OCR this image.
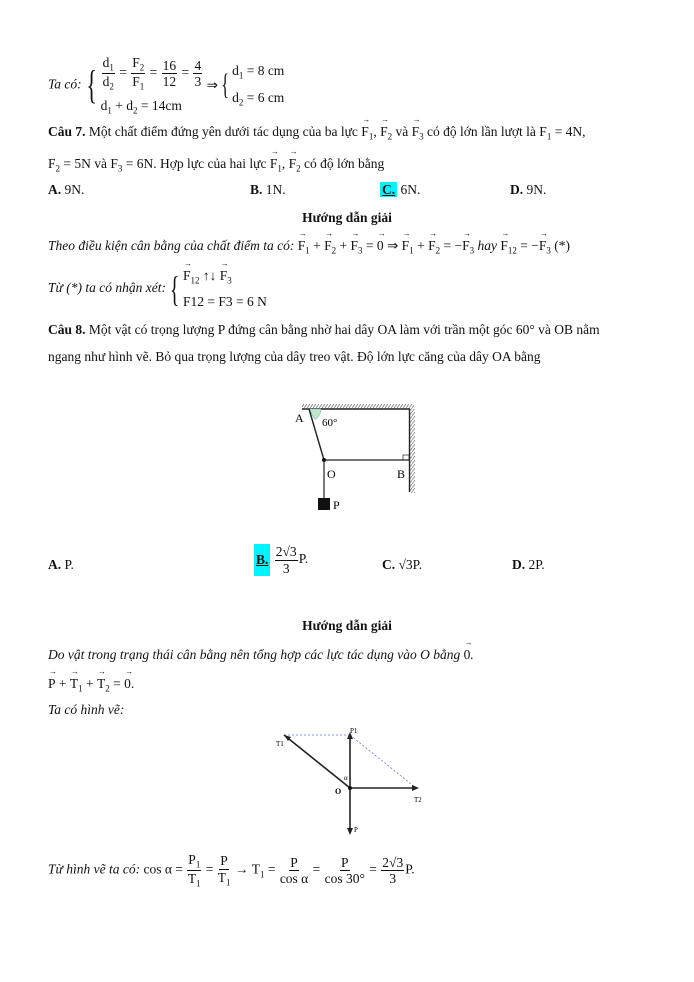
Ta có: { $\frac{d_1}{d_2} = \frac{F_2}{F_1} = \frac{16}{12} = \frac{4}{3}$
$d_1 + d_2 = 14cm$
⇒ { $d_1 = 8$ cm
$d_2 = 6$ cm
Câu 7. Một chất điểm đứng yên dưới tác dụng của ba lực → $F_1$, → $F_2$ và → $F_3$ có độ lớn lần lượt là $F_1 = 4N$,
$F_2 = 5N$ và $F_3 = 6N$. Hợp lực của hai lực → $F_1$, → $F_2$ có độ lớn bằng
A. 9N.	B. 1N.	C. 6N.	D. 9N.
Hướng dẫn giải
Theo điều kiện cân bằng của chất điểm ta có: → $F_1$ + → $F_2$ + → $F_3$ = → 0 ⇒ → $F_1$ + → $F_2$ = −→ $F_3$ hay → $F_{12}$ = −→ $F_3$ (*)
Từ (*) ta có nhận xét: { → $F_{12}$ ↑↓ → $F_3$
F12 = F3 = 6 N
Câu 8. Một vật có trọng lượng P đứng cân bằng nhờ hai dây OA làm với trần một góc 60° và OB nằm
ngang như hình vẽ. Bỏ qua trọng lượng của dây treo vật. Độ lớn lực căng của dây OA bằng
A 60°
O	B
P
A. P.	B. $\frac{2√3}{3} P$.	C. √3P.	D. 2P.
Hướng dẫn giải
Do vật trong trạng thái cân bằng nên tổng hợp các lực tác dụng vào O bằng → 0.
→ P + → $T_1$ + → $T_2$ = → 0.
Ta có hình vẽ:
T1
P1
α
O
T2
P
Từ hình vẽ ta có: $\cos \alpha = \frac{P_1}{T_1} = \frac{P}{T_1} \to T_1 = \frac{P}{\text{cos α}} = \frac{P}{\cos 30^\circ} = \frac{2√3}{3} P$.
